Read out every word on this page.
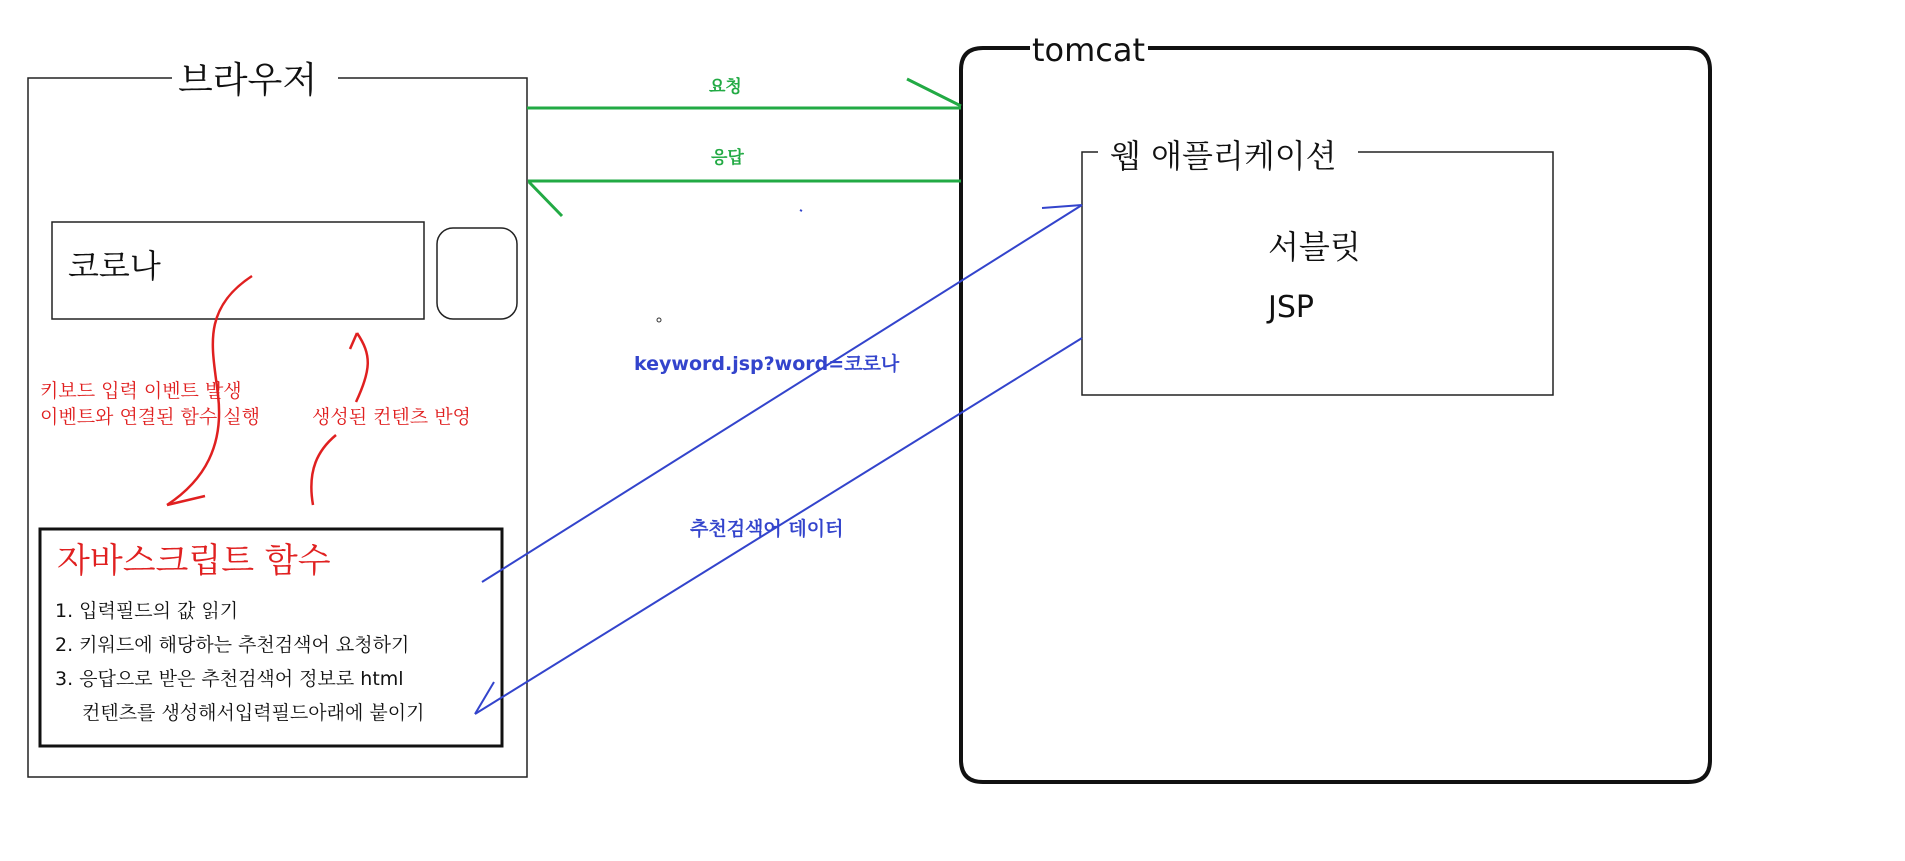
브라우저
코로나
tomcat
웹 애플리케이션
서블릿
JSP
요청
응답
keyword.jsp?word=코로나
추천검색어 데이터
키보드 입력 이벤트 발생
이벤트와 연결된 함수 실행	생성된 컨텐츠 반영
자바스크립트 함수
1. 입력필드의 값 읽기
2. 키워드에 해당하는 추천검색어 요청하기
3. 응답으로 받은 추천검색어 정보로 html
컨텐츠를 생성해서입력필드아래에 붙이기
